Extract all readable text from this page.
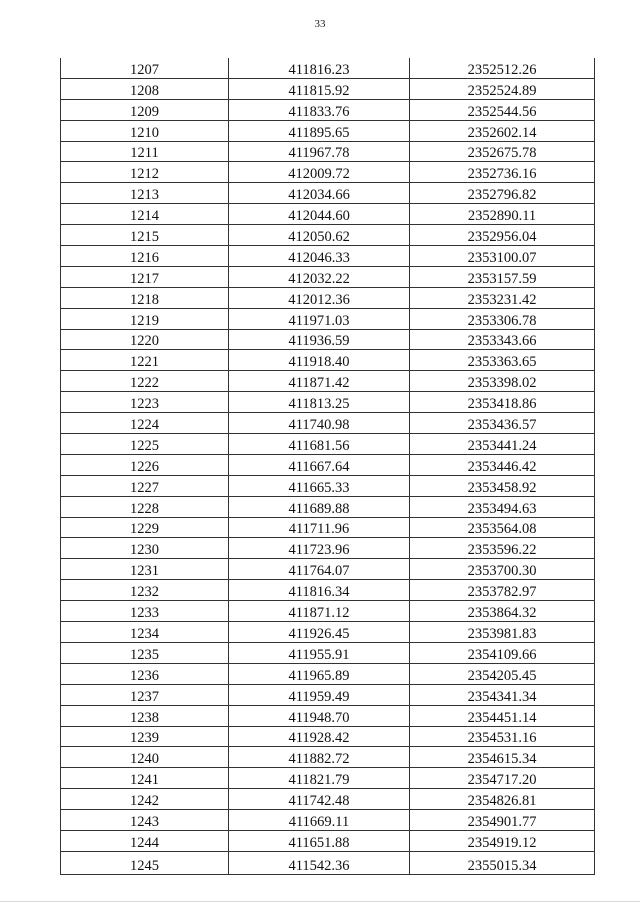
33
1207	411816.23	2352512.26
1208	411815.92	2352524.89
1209	411833.76	2352544.56
1210	411895.65	2352602.14
1211	411967.78	2352675.78
1212	412009.72	2352736.16
1213	412034.66	2352796.82
1214	412044.60	2352890.11
1215	412050.62	2352956.04
1216	412046.33	2353100.07
1217	412032.22	2353157.59
1218	412012.36	2353231.42
1219	411971.03	2353306.78
1220	411936.59	2353343.66
1221	411918.40	2353363.65
1222	411871.42	2353398.02
1223	411813.25	2353418.86
1224	411740.98	2353436.57
1225	411681.56	2353441.24
1226	411667.64	2353446.42
1227	411665.33	2353458.92
1228	411689.88	2353494.63
1229	411711.96	2353564.08
1230	411723.96	2353596.22
1231	411764.07	2353700.30
1232	411816.34	2353782.97
1233	411871.12	2353864.32
1234	411926.45	2353981.83
1235	411955.91	2354109.66
1236	411965.89	2354205.45
1237	411959.49	2354341.34
1238	411948.70	2354451.14
1239	411928.42	2354531.16
1240	411882.72	2354615.34
1241	411821.79	2354717.20
1242	411742.48	2354826.81
1243	411669.11	2354901.77
1244	411651.88	2354919.12
1245	411542.36	2355015.34
